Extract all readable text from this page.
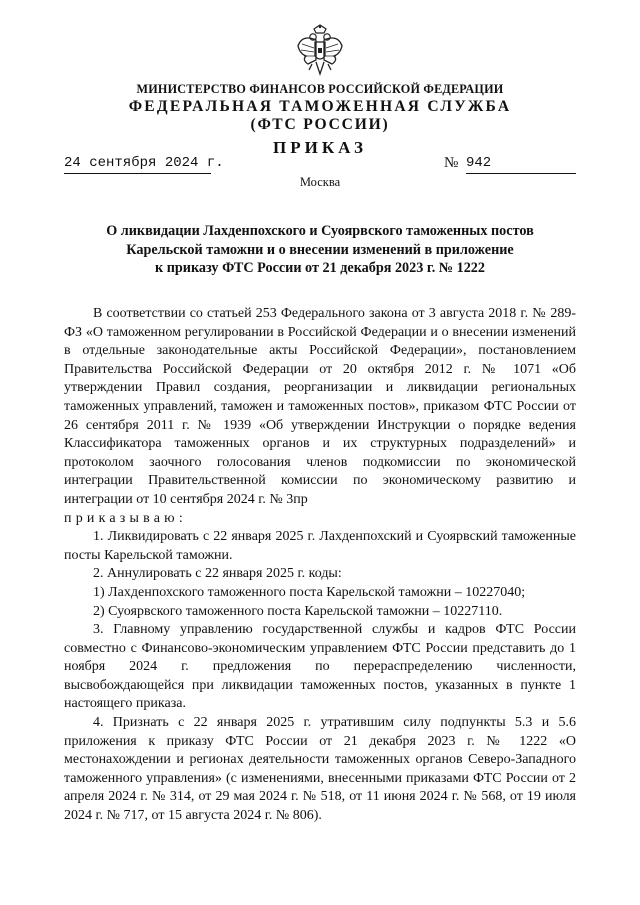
МИНИСТЕРСТВО ФИНАНСОВ РОССИЙСКОЙ ФЕДЕРАЦИИ
ФЕДЕРАЛЬНАЯ ТАМОЖЕННАЯ СЛУЖБА
(ФТС РОССИИ)
ПРИКАЗ
24 сентября 2024 г.	№ 942
Москва
О ликвидации Лахденпохского и Суоярвского таможенных постов
Карельской таможни и о внесении изменений в приложение
к приказу ФТС России от 21 декабря 2023 г. № 1222

В соответствии со статьей 253 Федерального закона от 3 августа 2018 г. № 289-ФЗ «О таможенном регулировании в Российской Федерации и о внесении изменений в отдельные законодательные акты Российской Федерации», постановлением Правительства Российской Федерации от 20 октября 2012 г. № 1071 «Об утверждении Правил создания, реорганизации и ликвидации региональных таможенных управлений, таможен и таможенных постов», приказом ФТС России от 26 сентября 2011 г. № 1939 «Об утверждении Инструкции о порядке ведения Классификатора таможенных органов и их структурных подразделений» и протоколом заочного голосования членов подкомиссии по экономической интеграции Правительственной комиссии по экономическому развитию и интеграции от 10 сентября 2024 г. № 3пр

приказываю:

1. Ликвидировать с 22 января 2025 г. Лахденпохский и Суоярвский таможенные посты Карельской таможни.

2. Аннулировать с 22 января 2025 г. коды:

1) Лахденпохского таможенного поста Карельской таможни – 10227040;

2) Суоярвского таможенного поста Карельской таможни – 10227110.

3. Главному управлению государственной службы и кадров ФТС России совместно с Финансово-экономическим управлением ФТС России представить до 1 ноября 2024 г. предложения по перераспределению численности, высвобождающейся при ликвидации таможенных постов, указанных в пункте 1 настоящего приказа.

4. Признать с 22 января 2025 г. утратившим силу подпункты 5.3 и 5.6 приложения к приказу ФТС России от 21 декабря 2023 г. № 1222 «О местонахождении и регионах деятельности таможенных органов Северо-Западного таможенного управления» (с изменениями, внесенными приказами ФТС России от 2 апреля 2024 г. № 314, от 29 мая 2024 г. № 518, от 11 июня 2024 г. № 568, от 19 июля 2024 г. № 717, от 15 августа 2024 г. № 806).
